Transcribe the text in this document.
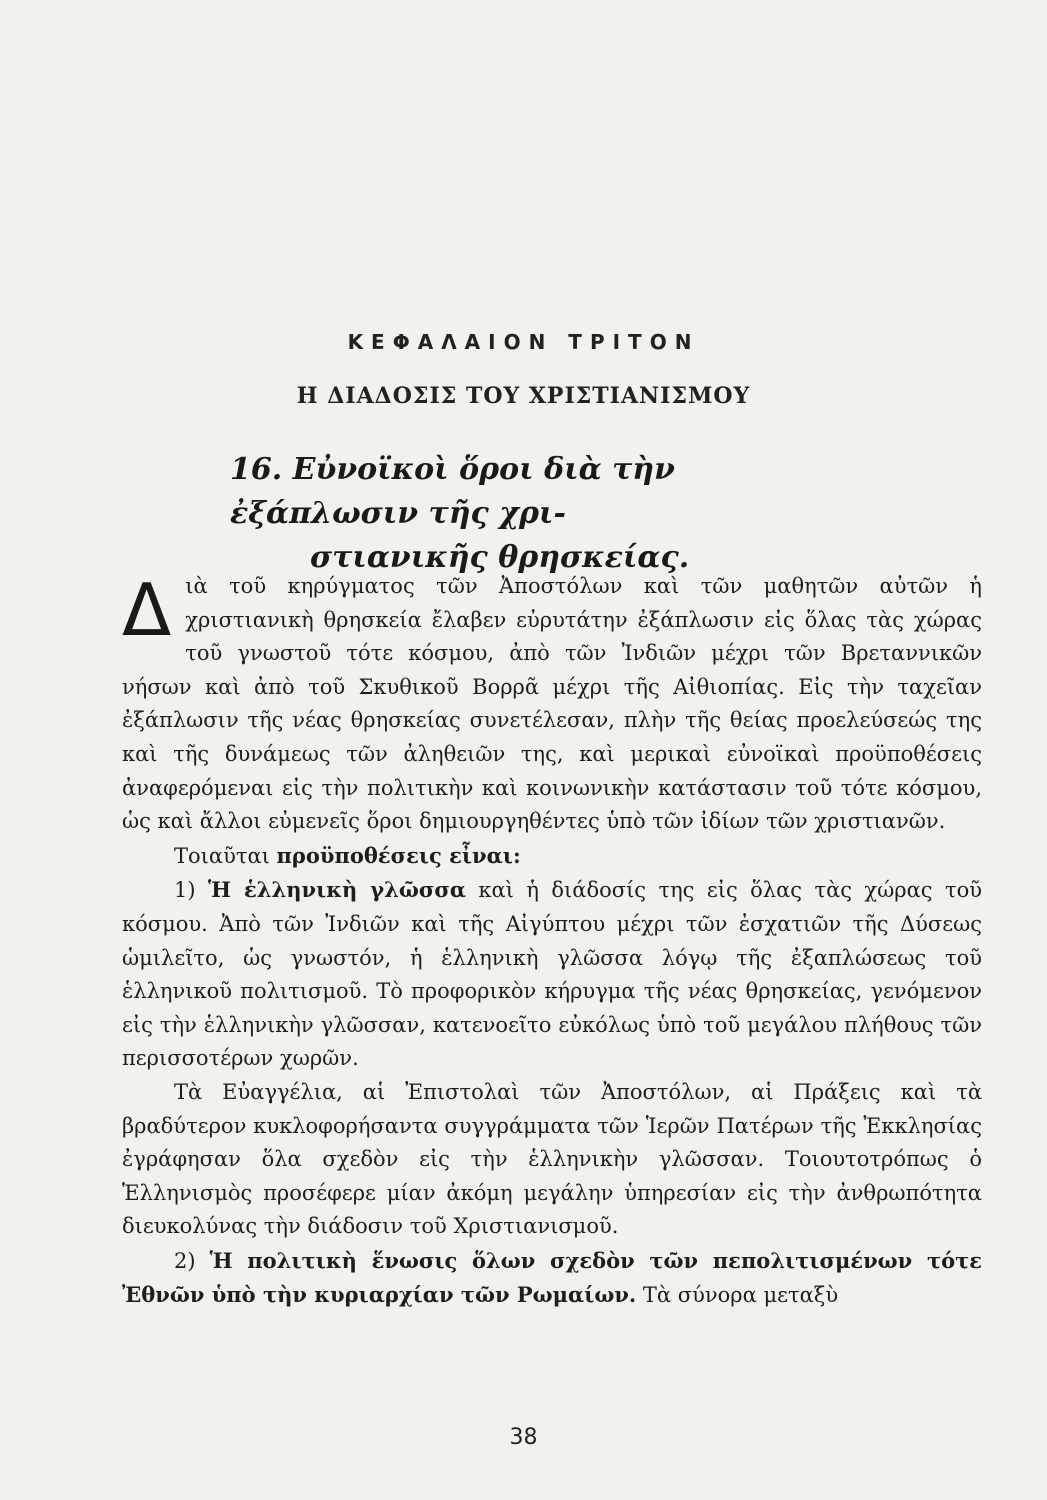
ΚΕΦΑΛΑΙΟΝ ΤΡΙΤΟΝ
Η ΔΙΑΔΟΣΙΣ ΤΟΥ ΧΡΙΣΤΙΑΝΙΣΜΟΥ
16. Εὐνοϊκοὶ ὅροι διὰ τὴν ἐξάπλωσιν τῆς χρι-
στιανικῆς θρησκείας.

Διὰ τοῦ κηρύγματος τῶν Ἀποστόλων καὶ τῶν μαθητῶν αὐτῶν ἡ χριστιανικὴ θρησκεία ἔλαβεν εὐρυτάτην ἐξάπλωσιν εἰς ὅλας τὰς χώρας τοῦ γνωστοῦ τότε κόσμου, ἀπὸ τῶν Ἰνδιῶν μέχρι τῶν Βρεταννικῶν νήσων καὶ ἀπὸ τοῦ Σκυθικοῦ Βορρᾶ μέχρι τῆς Αἰθιοπίας. Εἰς τὴν ταχεῖαν ἐξάπλωσιν τῆς νέας θρησκείας συνετέλεσαν, πλὴν τῆς θείας προελεύσεώς της καὶ τῆς δυνάμεως τῶν ἀληθειῶν της, καὶ μερικαὶ εὐνοϊκαὶ προϋποθέσεις ἀναφερόμεναι εἰς τὴν πολιτικὴν καὶ κοινωνικὴν κατάστασιν τοῦ τότε κόσμου, ὡς καὶ ἄλλοι εὐμενεῖς ὅροι δημιουργηθέντες ὑπὸ τῶν ἰδίων τῶν χριστιανῶν.

Τοιαῦται προϋποθέσεις εἶναι:

1) Ἡ ἑλληνικὴ γλῶσσα καὶ ἡ διάδοσίς της εἰς ὅλας τὰς χώρας τοῦ κόσμου. Ἀπὸ τῶν Ἰνδιῶν καὶ τῆς Αἰγύπτου μέχρι τῶν ἐσχατιῶν τῆς Δύσεως ὡμιλεῖτο, ὡς γνωστόν, ἡ ἑλληνικὴ γλῶσσα λόγῳ τῆς ἐξαπλώσεως τοῦ ἑλληνικοῦ πολιτισμοῦ. Τὸ προφορικὸν κήρυγμα τῆς νέας θρησκείας, γενόμενον εἰς τὴν ἑλληνικὴν γλῶσσαν, κατενοεῖτο εὐκόλως ὑπὸ τοῦ μεγάλου πλήθους τῶν περισσοτέρων χωρῶν.

Τὰ Εὐαγγέλια, αἱ Ἐπιστολαὶ τῶν Ἀποστόλων, αἱ Πράξεις καὶ τὰ βραδύτερον κυκλοφορήσαντα συγγράμματα τῶν Ἱερῶν Πατέρων τῆς Ἐκκλησίας ἐγράφησαν ὅλα σχεδὸν εἰς τὴν ἑλληνικὴν γλῶσσαν. Τοιουτοτρόπως ὁ Ἑλληνισμὸς προσέφερε μίαν ἀκόμη μεγάλην ὑπηρεσίαν εἰς τὴν ἀνθρωπότητα διευκολύνας τὴν διάδοσιν τοῦ Χριστιανισμοῦ.

2) Ἡ πολιτικὴ ἕνωσις ὅλων σχεδὸν τῶν πεπολιτισμένων τότε Ἐθνῶν ὑπὸ τὴν κυριαρχίαν τῶν Ρωμαίων. Τὰ σύνορα μεταξὺ

38
